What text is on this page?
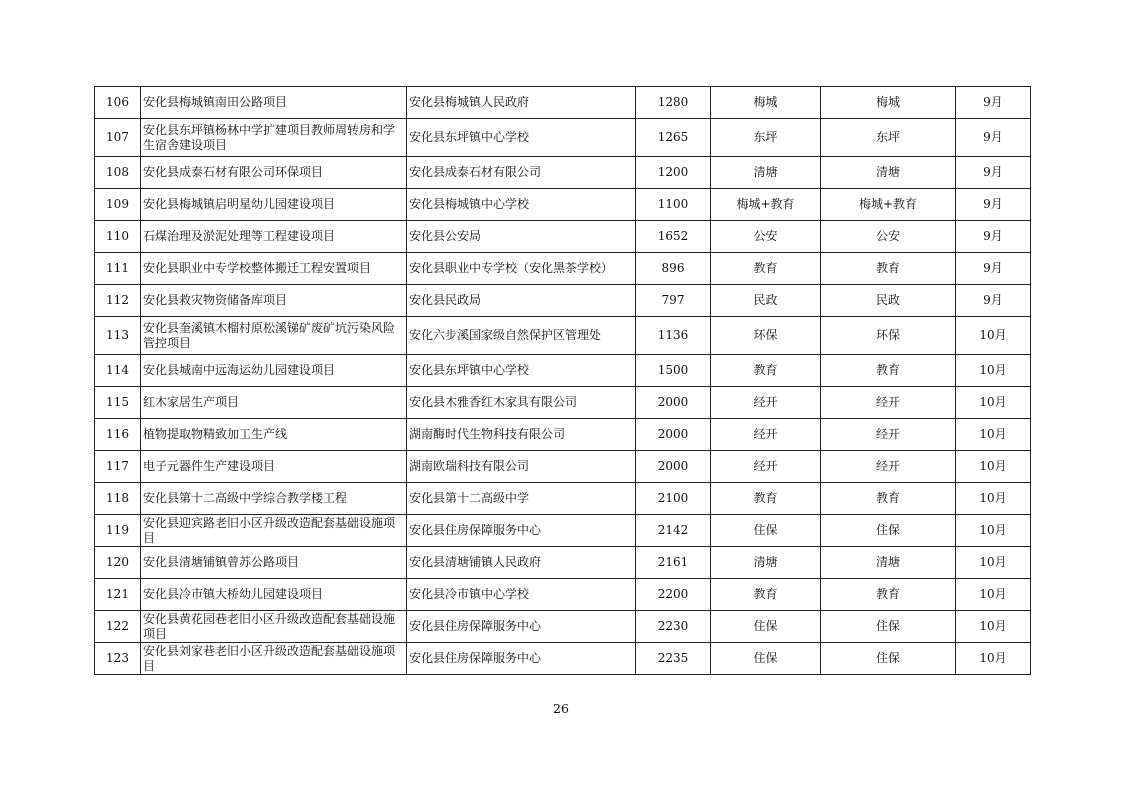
106	安化县梅城镇南田公路项目	安化县梅城镇人民政府	1280	梅城	梅城	9月
107	安化县东坪镇杨林中学扩建项目教师周转房和学生宿舍建设项目	安化县东坪镇中心学校	1265	东坪	东坪	9月
108	安化县成泰石材有限公司环保项目	安化县成泰石材有限公司	1200	清塘	清塘	9月
109	安化县梅城镇启明星幼儿园建设项目	安化县梅城镇中心学校	1100	梅城+教育	梅城+教育	9月
110	石煤治理及淤泥处理等工程建设项目	安化县公安局	1652	公安	公安	9月
111	安化县职业中专学校整体搬迁工程安置项目	安化县职业中专学校（安化黑茶学校）	896	教育	教育	9月
112	安化县救灾物资储备库项目	安化县民政局	797	民政	民政	9月
113	安化县奎溪镇木榴村原松溪锑矿废矿坑污染风险管控项目	安化六步溪国家级自然保护区管理处	1136	环保	环保	10月
114	安化县城南中远海运幼儿园建设项目	安化县东坪镇中心学校	1500	教育	教育	10月
115	红木家居生产项目	安化县木雅香红木家具有限公司	2000	经开	经开	10月
116	植物提取物精致加工生产线	湖南酶时代生物科技有限公司	2000	经开	经开	10月
117	电子元器件生产建设项目	湖南欧瑞科技有限公司	2000	经开	经开	10月
118	安化县第十二高级中学综合教学楼工程	安化县第十二高级中学	2100	教育	教育	10月
119	安化县迎宾路老旧小区升级改造配套基础设施项目	安化县住房保障服务中心	2142	住保	住保	10月
120	安化县清塘铺镇曾苏公路项目	安化县清塘铺镇人民政府	2161	清塘	清塘	10月
121	安化县冷市镇大桥幼儿园建设项目	安化县冷市镇中心学校	2200	教育	教育	10月
122	安化县黄花园巷老旧小区升级改造配套基础设施项目	安化县住房保障服务中心	2230	住保	住保	10月
123	安化县刘家巷老旧小区升级改造配套基础设施项目	安化县住房保障服务中心	2235	住保	住保	10月
26
